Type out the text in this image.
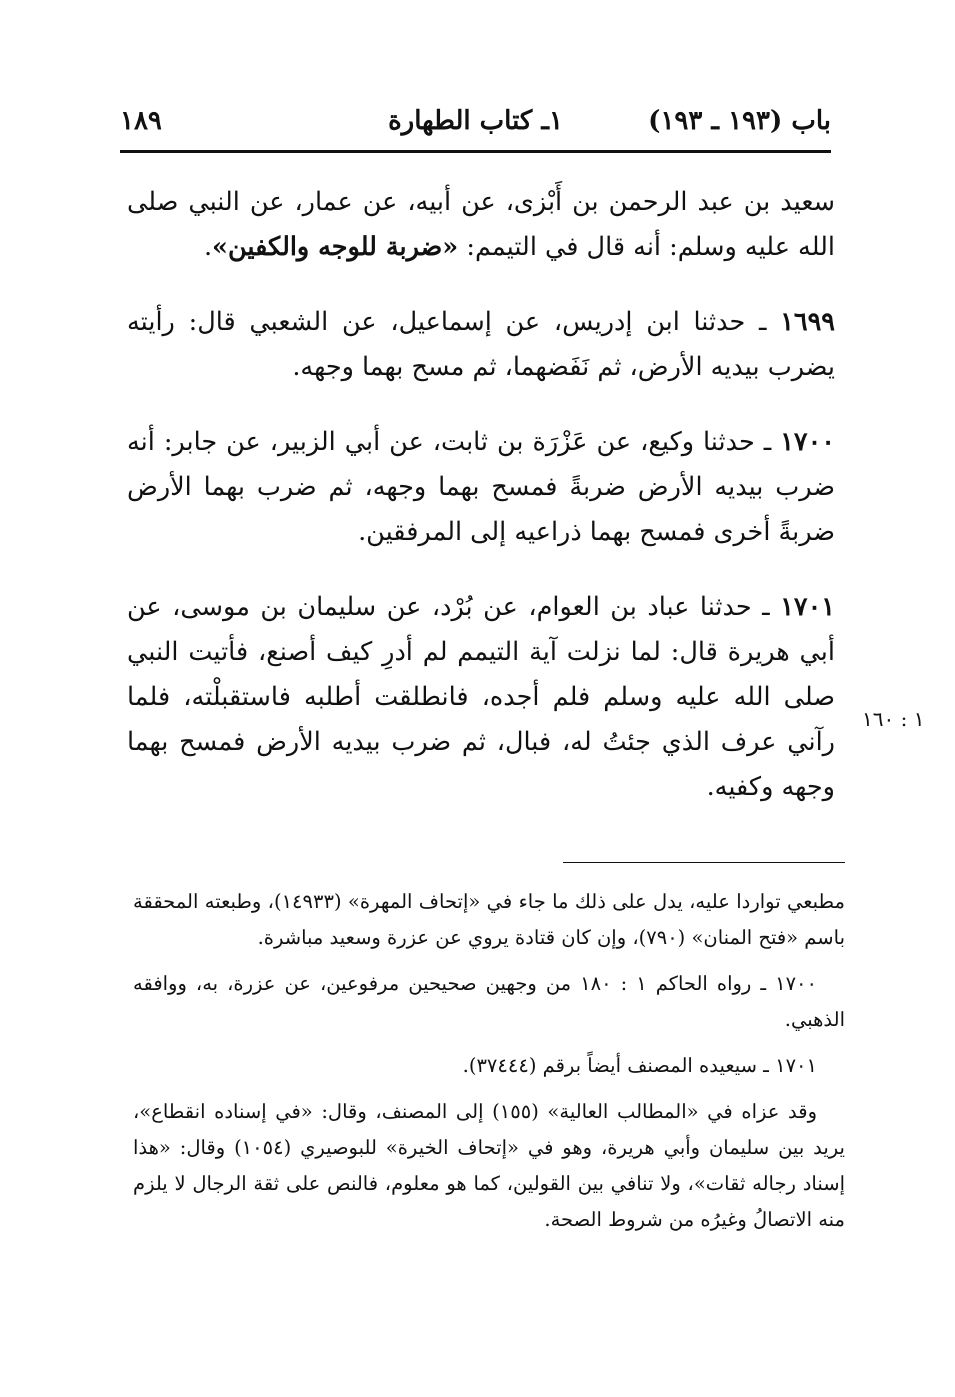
باب (١٩٣ ـ ١٩٣)
١ـ كتاب الطهارة
١٨٩

سعيد بن عبد الرحمن بن أَبْزى، عن أبيه، عن عمار، عن النبي صلى الله عليه وسلم: أنه قال في التيمم: «ضربة للوجه والكفين».

١٦٩٩ ـ حدثنا ابن إدريس، عن إسماعيل، عن الشعبي قال: رأيته يضرب بيديه الأرض، ثم نَفَضهما، ثم مسح بهما وجهه.

١٧٠٠ ـ حدثنا وكيع، عن عَزْرَة بن ثابت، عن أبي الزبير، عن جابر: أنه ضرب بيديه الأرض ضربةً فمسح بهما وجهه، ثم ضرب بهما الأرض ضربةً أخرى فمسح بهما ذراعيه إلى المرفقين.

١٧٠١ ـ حدثنا عباد بن العوام، عن بُرْد، عن سليمان بن موسى، عن أبي هريرة قال: لما نزلت آية التيمم لم أدرِ كيف أصنع، فأتيت النبي صلى الله عليه وسلم فلم أجده، فانطلقت أطلبه فاستقبلْته، فلما رآني عرف الذي جئتُ له، فبال، ثم ضرب بيديه الأرض فمسح بهما وجهه وكفيه.

١ : ١٦٠

مطبعي تواردا عليه، يدل على ذلك ما جاء في «إتحاف المهرة» (١٤٩٣٣)، وطبعته المحققة باسم «فتح المنان» (٧٩٠)، وإن كان قتادة يروي عن عزرة وسعيد مباشرة.

١٧٠٠ ـ رواه الحاكم ١ : ١٨٠ من وجهين صحيحين مرفوعين، عن عزرة، به، ووافقه الذهبي.

١٧٠١ ـ سيعيده المصنف أيضاً برقم (٣٧٤٤٤).

وقد عزاه في «المطالب العالية» (١٥٥) إلى المصنف، وقال: «في إسناده انقطاع»، يريد بين سليمان وأبي هريرة، وهو في «إتحاف الخيرة» للبوصيري (١٠٥٤) وقال: «هذا إسناد رجاله ثقات»، ولا تنافي بين القولين، كما هو معلوم، فالنص على ثقة الرجال لا يلزم منه الاتصالُ وغيرُه من شروط الصحة.
